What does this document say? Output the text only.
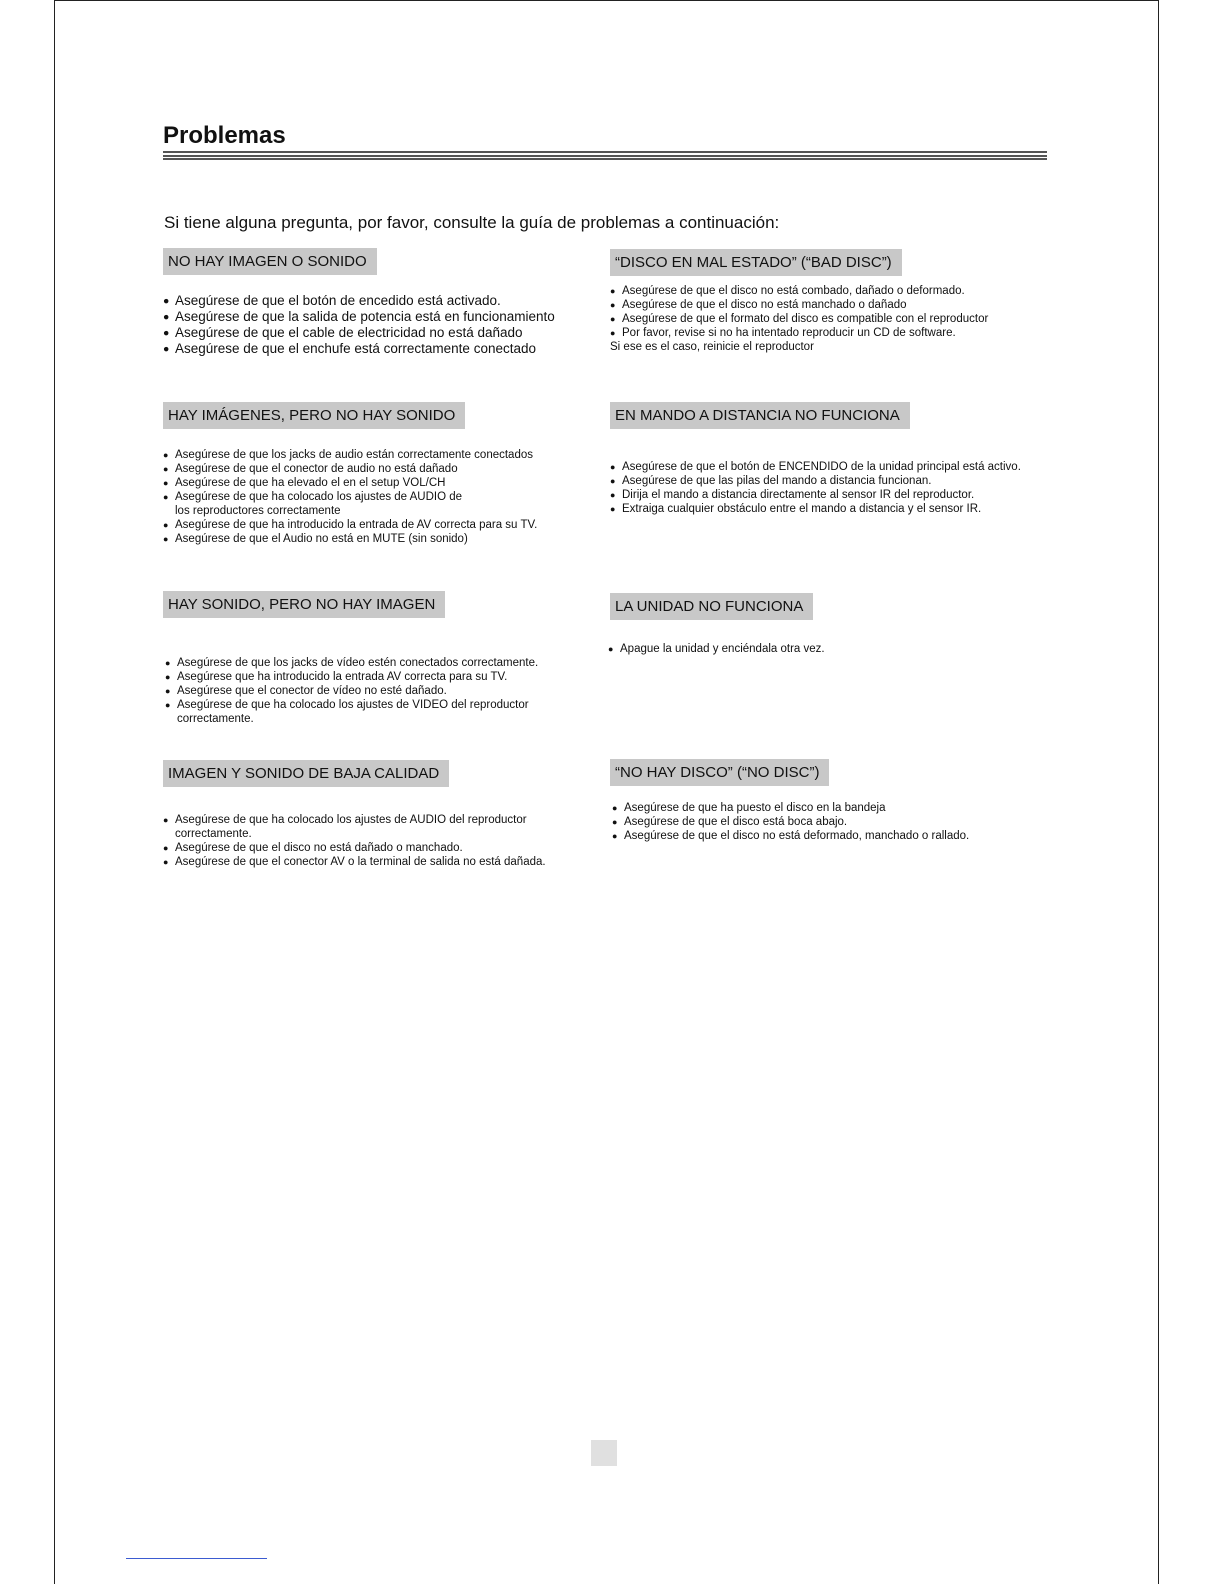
Problemas

Si tiene alguna pregunta, por favor, consulte la guía de problemas a continuación:

NO HAY IMAGEN O SONIDO
● Asegúrese de que el botón de encedido está activado.
● Asegúrese de que la salida de potencia está en funcionamiento
● Asegúrese de que el cable de electricidad no está dañado
● Asegúrese de que el enchufe está correctamente conectado
“DISCO EN MAL ESTADO” (“BAD DISC”)
● Asegúrese de que el disco no está combado, dañado o deformado.
● Asegúrese de que el disco no está manchado o dañado
● Asegúrese de que el formato del disco es compatible con el reproductor
● Por favor, revise si no ha intentado reproducir un CD de software.
Si ese es el caso, reinicie el reproductor
HAY IMÁGENES, PERO NO HAY SONIDO
● Asegúrese de que los jacks de audio están correctamente conectados
● Asegúrese de que el conector de audio no está dañado
● Asegúrese de que ha elevado el en el setup VOL/CH
● Asegúrese de que ha colocado los ajustes de AUDIO de
los reproductores correctamente
● Asegúrese de que ha introducido la entrada de AV correcta para su TV.
● Asegúrese de que el Audio no está en MUTE (sin sonido)
EN MANDO A DISTANCIA NO FUNCIONA
● Asegúrese de que el botón de ENCENDIDO de la unidad principal está activo.
● Asegúrese de que las pilas del mando a distancia funcionan.
● Dirija el mando a distancia directamente al sensor IR del reproductor.
● Extraiga cualquier obstáculo entre el mando a distancia y el sensor IR.
HAY SONIDO, PERO NO HAY IMAGEN
● Asegúrese de que los jacks de vídeo estén conectados correctamente.
● Asegúrese que ha introducido la entrada AV correcta para su TV.
● Asegúrese que el conector de vídeo no esté dañado.
● Asegúrese de que ha colocado los ajustes de VIDEO del reproductor
correctamente.
LA UNIDAD NO FUNCIONA
● Apague la unidad y enciéndala otra vez.
IMAGEN Y SONIDO DE BAJA CALIDAD
● Asegúrese de que ha colocado los ajustes de AUDIO del reproductor
correctamente.
● Asegúrese de que el disco no está dañado o manchado.
● Asegúrese de que el conector AV o la terminal de salida no está dañada.
“NO HAY DISCO” (“NO DISC”)
● Asegúrese de que ha puesto el disco en la bandeja
● Asegúrese de que el disco está boca abajo.
● Asegúrese de que el disco no está deformado, manchado o rallado.
